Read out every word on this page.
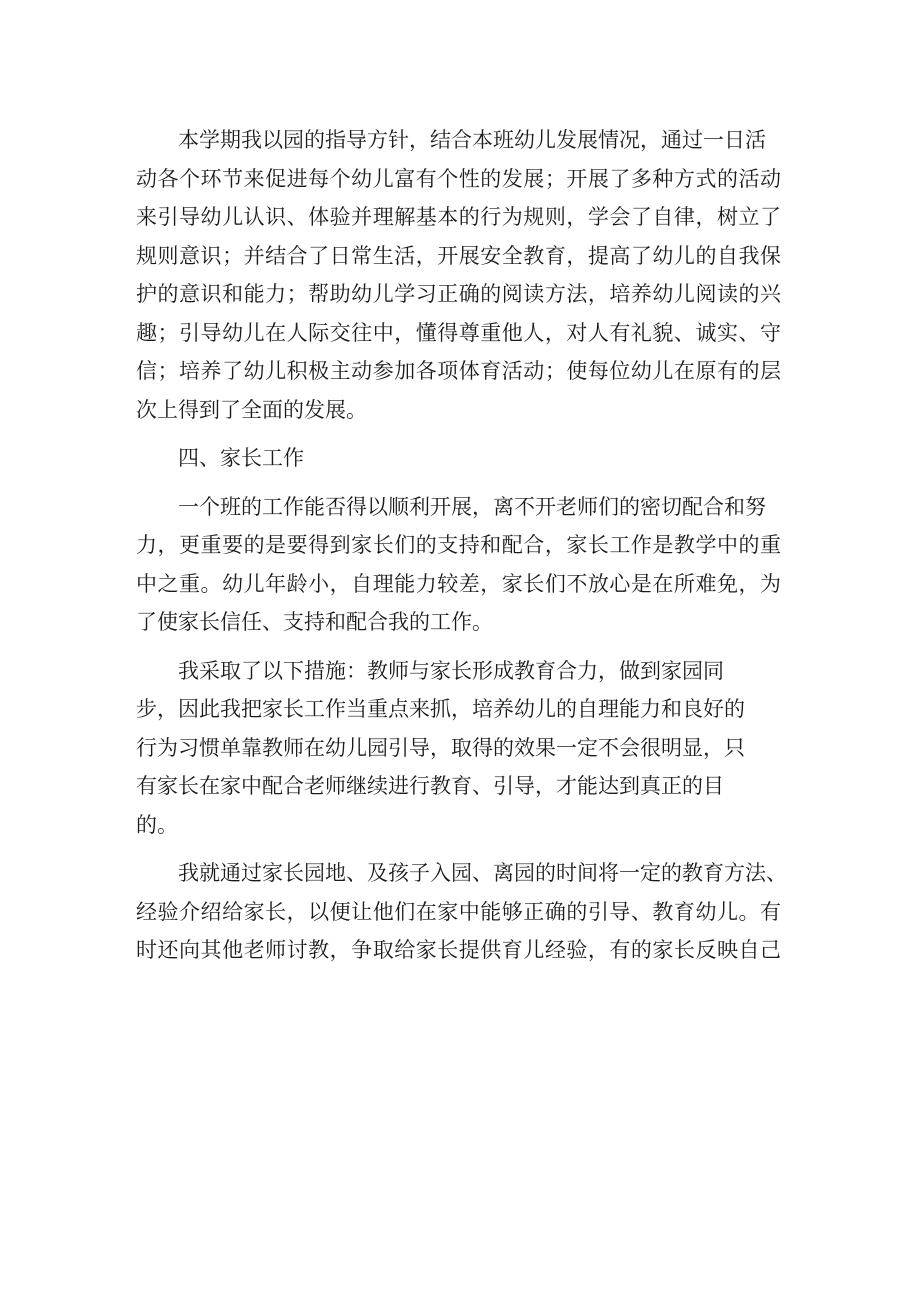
本学期我以园的指导方针，结合本班幼儿发展情况，通过一日活
动各个环节来促进每个幼儿富有个性的发展；开展了多种方式的活动
来引导幼儿认识、体验并理解基本的行为规则，学会了自律，树立了
规则意识；并结合了日常生活，开展安全教育，提高了幼儿的自我保
护的意识和能力；帮助幼儿学习正确的阅读方法，培养幼儿阅读的兴
趣；引导幼儿在人际交往中，懂得尊重他人，对人有礼貌、诚实、守
信；培养了幼儿积极主动参加各项体育活动；使每位幼儿在原有的层
次上得到了全面的发展。
四、家长工作
一个班的工作能否得以顺利开展，离不开老师们的密切配合和努
力，更重要的是要得到家长们的支持和配合，家长工作是教学中的重
中之重。幼儿年龄小，自理能力较差，家长们不放心是在所难免，为
了使家长信任、支持和配合我的工作。
我采取了以下措施：教师与家长形成教育合力，做到家园同
步，因此我把家长工作当重点来抓，培养幼儿的自理能力和良好的
行为习惯单靠教师在幼儿园引导，取得的效果一定不会很明显，只
有家长在家中配合老师继续进行教育、引导，才能达到真正的目
的。
我就通过家长园地、及孩子入园、离园的时间将一定的教育方法、
经验介绍给家长，以便让他们在家中能够正确的引导、教育幼儿。有
时还向其他老师讨教，争取给家长提供育儿经验，有的家长反映自己
